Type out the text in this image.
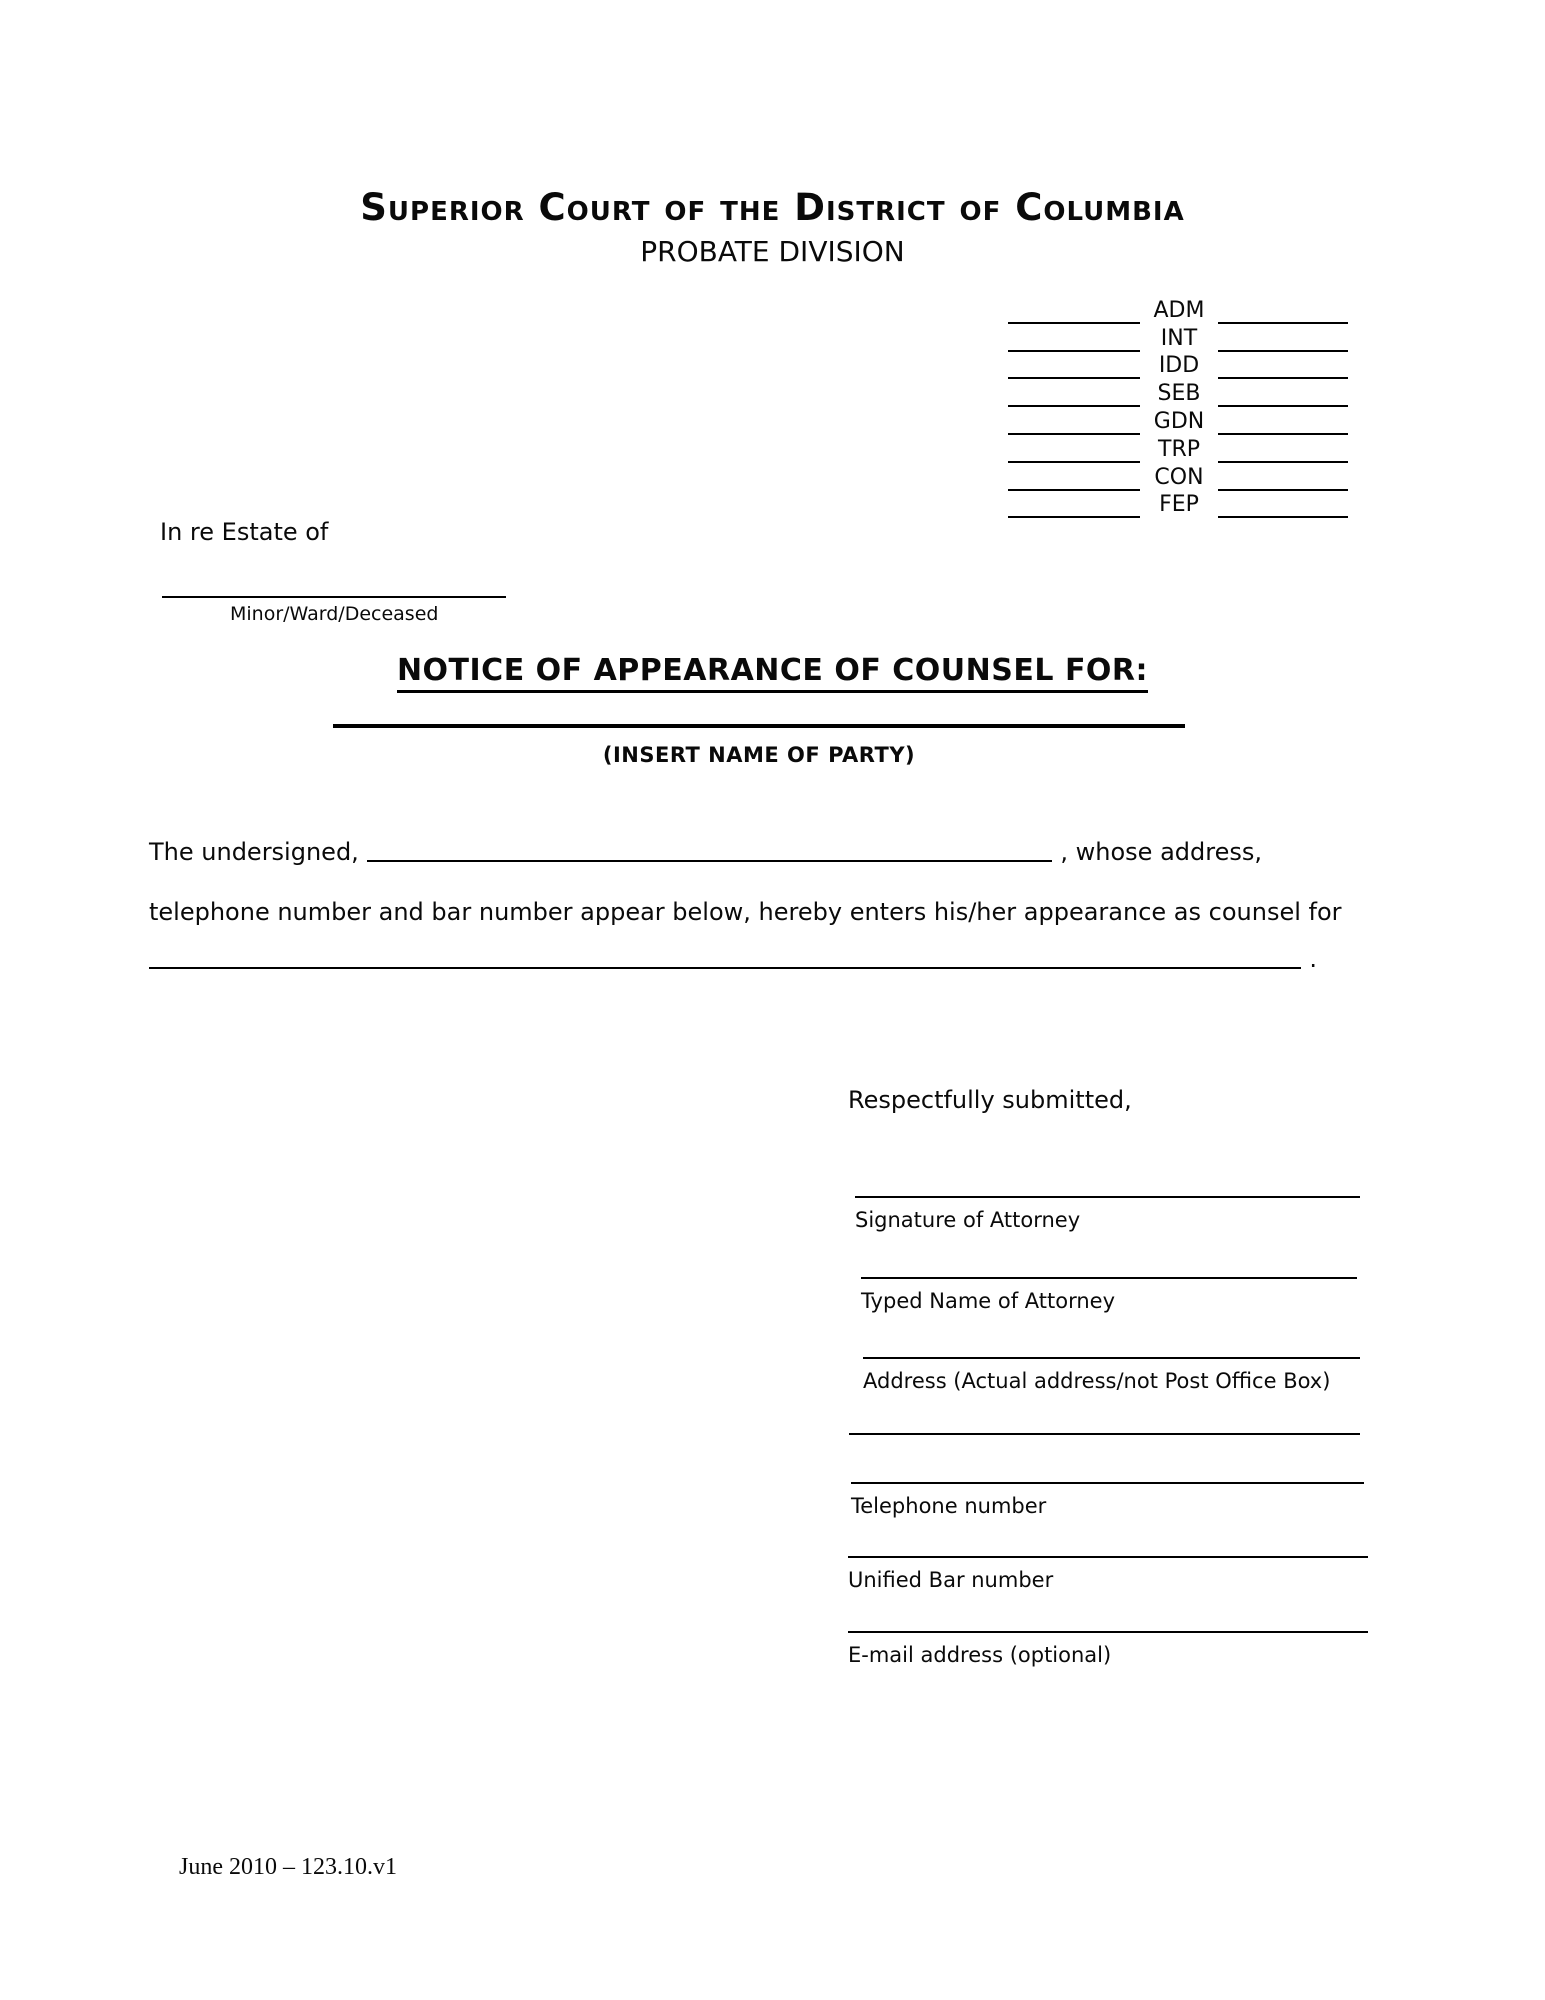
Superior Court of the District of Columbia
PROBATE DIVISION
ADM
INT
IDD
SEB
GDN
TRP
CON
FEP
In re Estate of
Minor/Ward/Deceased
NOTICE OF APPEARANCE OF COUNSEL FOR:
(INSERT NAME OF PARTY)
The undersigned,	, whose address,
telephone number and bar number appear below, hereby enters his/her appearance as counsel for
.
Respectfully submitted,
Signature of Attorney
Typed Name of Attorney
Address (Actual address/not Post Office Box)
Telephone number
Unified Bar number
E-mail address (optional)
June 2010 – 123.10.v1
